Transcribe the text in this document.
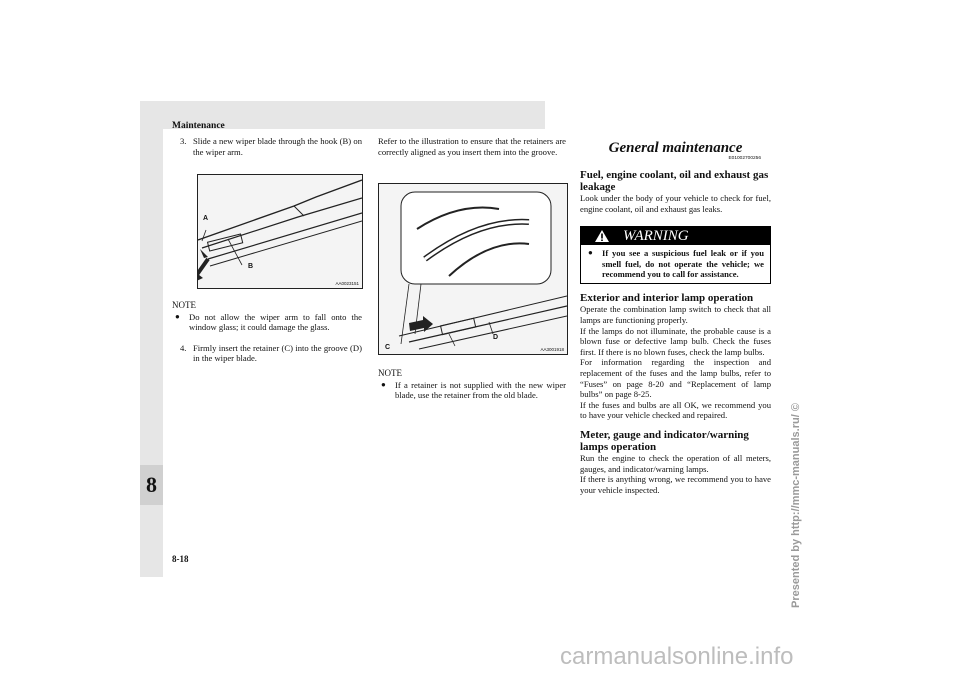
Maintenance
8
8-18
3. Slide a new wiper blade through the hook (B) on the wiper arm.
A
B
AA0023151
NOTE
●	Do not allow the wiper arm to fall onto the window glass; it could damage the glass.
4. Firmly insert the retainer (C) into the groove (D) in the wiper blade.
Refer to the illustration to ensure that the retainers are correctly aligned as you insert them into the groove.
C
D
AA3001918
NOTE
●	If a retainer is not supplied with the new wiper blade, use the retainer from the old blade.
General maintenance
E01002700256
Fuel, engine coolant, oil and exhaust gas leakage
Look under the body of your vehicle to check for fuel, engine coolant, oil and exhaust gas leaks.
WARNING
●	If you see a suspicious fuel leak or if you smell fuel, do not operate the vehicle; we recommend you to call for assistance.
Exterior and interior lamp operation
Operate the combination lamp switch to check that all lamps are functioning properly.
If the lamps do not illuminate, the probable cause is a blown fuse or defective lamp bulb. Check the fuses first. If there is no blown fuses, check the lamp bulbs.
For information regarding the inspection and replacement of the fuses and the lamp bulbs, refer to “Fuses” on page 8-20 and “Replacement of lamp bulbs” on page 8-25.
If the fuses and bulbs are all OK, we recommend you to have your vehicle checked and repaired.
Meter, gauge and indicator/warning lamps operation
Run the engine to check the operation of all meters, gauges, and indicator/warning lamps.
If there is anything wrong, we recommend you to have your vehicle inspected.	Presented by http://mmc-manuals.ru/ ©
carmanualsonline.info
